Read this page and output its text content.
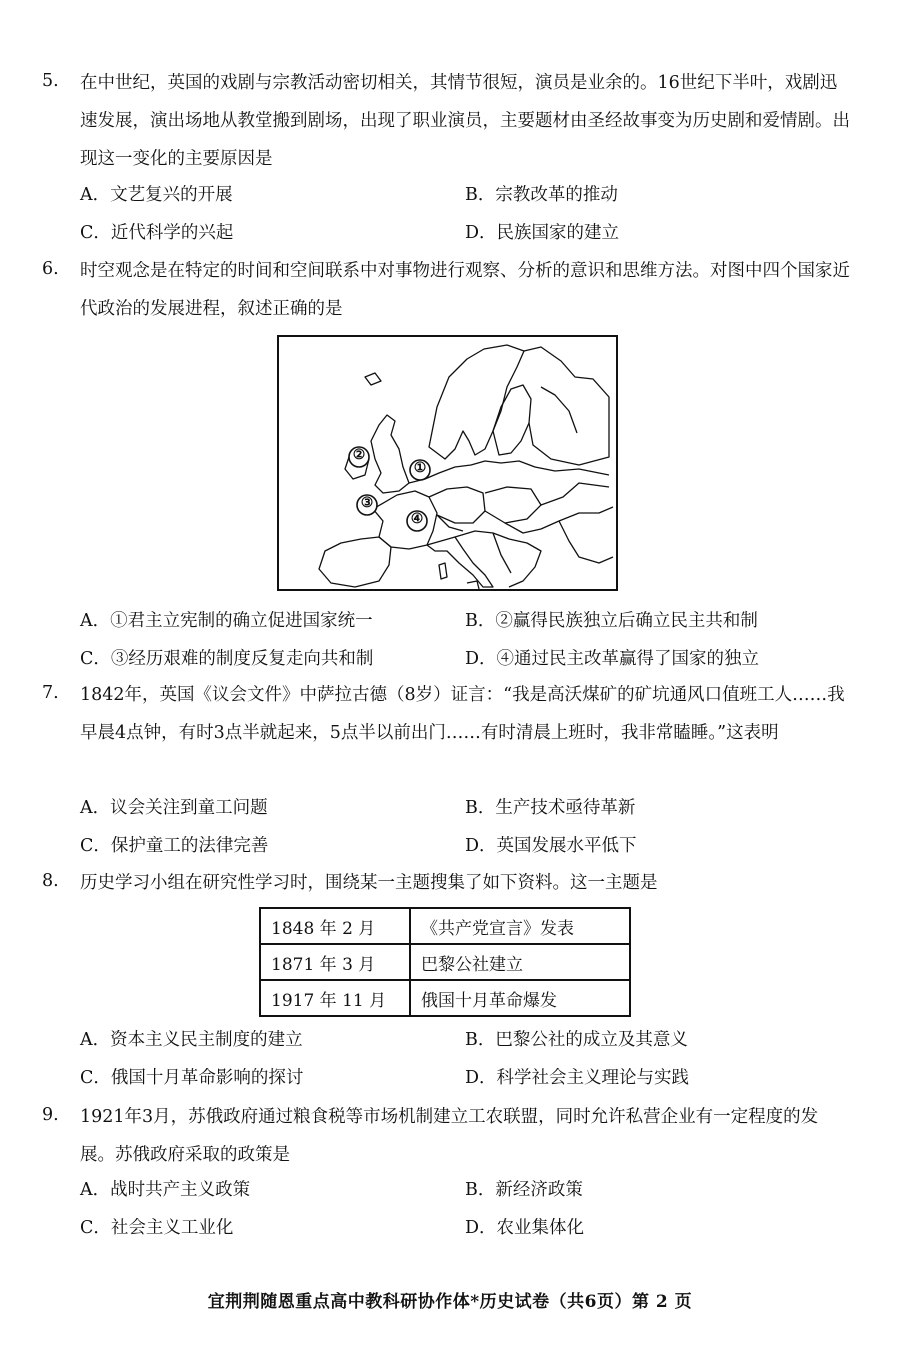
5. 在中世纪，英国的戏剧与宗教活动密切相关，其情节很短，演员是业余的。16世纪下半叶，戏剧迅速发展，演出场地从教堂搬到剧场，出现了职业演员，主要题材由圣经故事变为历史剧和爱情剧。出现这一变化的主要原因是
A．文艺复兴的开展	B．宗教改革的推动
C．近代科学的兴起	D．民族国家的建立
6. 时空观念是在特定的时间和空间联系中对事物进行观察、分析的意识和思维方法。对图中四个国家近代政治的发展进程，叙述正确的是
①
②
③
④
A．①君主立宪制的确立促进国家统一	B．②赢得民族独立后确立民主共和制
C．③经历艰难的制度反复走向共和制	D．④通过民主改革赢得了国家的独立
7. 1842年，英国《议会文件》中萨拉古德（8岁）证言：“我是高沃煤矿的矿坑通风口值班工人……我早晨4点钟，有时3点半就起来，5点半以前出门……有时清晨上班时，我非常瞌睡。”这表明
A．议会关注到童工问题	B．生产技术亟待革新
C．保护童工的法律完善	D．英国发展水平低下
8. 历史学习小组在研究性学习时，围绕某一主题搜集了如下资料。这一主题是
1848 年 2 月	《共产党宣言》发表
1871 年 3 月	巴黎公社建立
1917 年 11 月	俄国十月革命爆发
A．资本主义民主制度的建立	B．巴黎公社的成立及其意义
C．俄国十月革命影响的探讨	D．科学社会主义理论与实践
9. 1921年3月，苏俄政府通过粮食税等市场机制建立工农联盟，同时允许私营企业有一定程度的发展。苏俄政府采取的政策是
A．战时共产主义政策	B．新经济政策
C．社会主义工业化	D．农业集体化
宜荆荆随恩重点高中教科研协作体*历史试卷（共6页）第 2 页
